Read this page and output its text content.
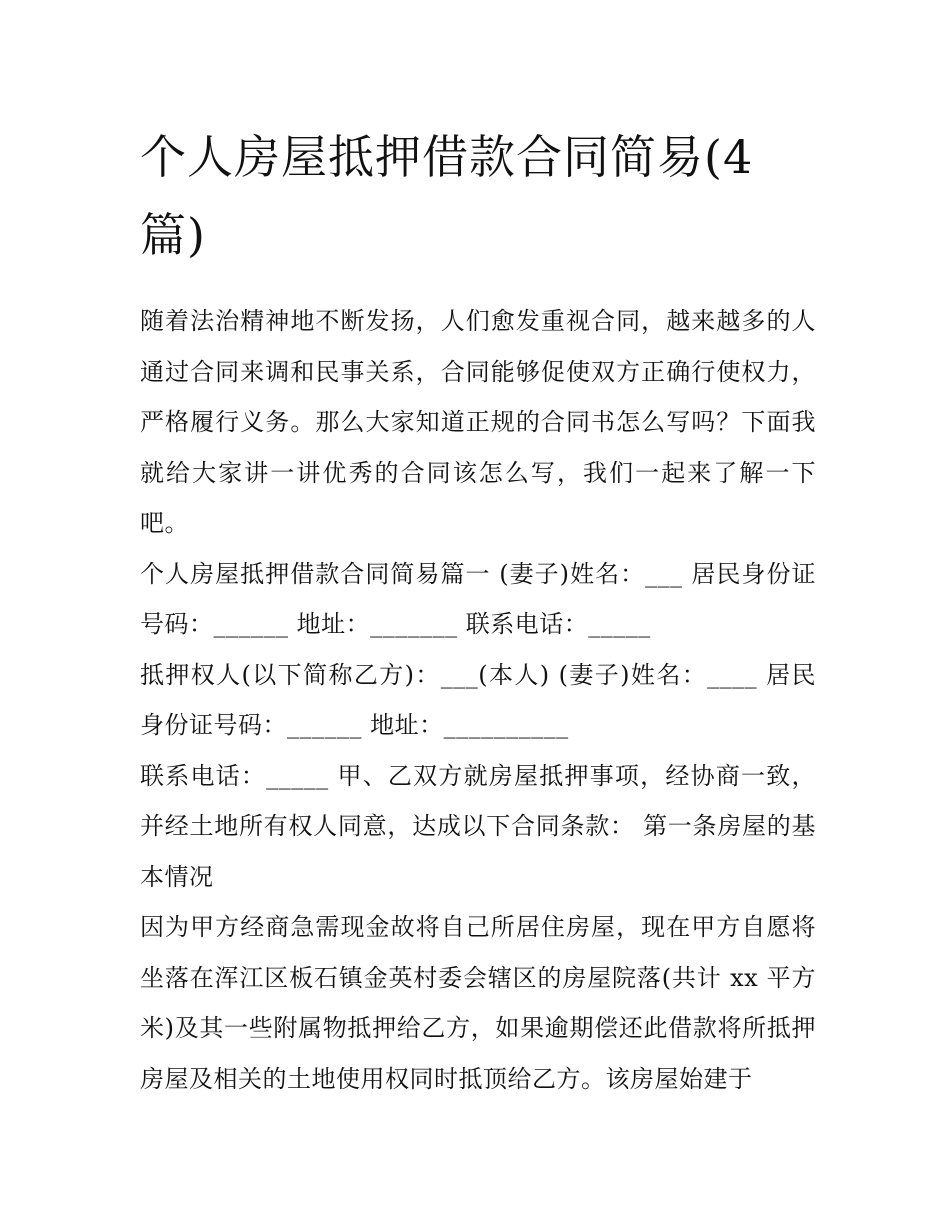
个人房屋抵押借款合同简易(4篇)

随着法治精神地不断发扬，人们愈发重视合同，越来越多的人通过合同来调和民事关系，合同能够促使双方正确行使权力，严格履行义务。那么大家知道正规的合同书怎么写吗？下面我就给大家讲一讲优秀的合同该怎么写，我们一起来了解一下吧。

个人房屋抵押借款合同简易篇一 (妻子)姓名：___ 居民身份证号码：______ 地址：_______ 联系电话：_____

抵押权人(以下简称乙方)：___(本人) (妻子)姓名：____ 居民身份证号码：______ 地址：__________

联系电话：_____ 甲、乙双方就房屋抵押事项，经协商一致，并经土地所有权人同意，达成以下合同条款： 第一条房屋的基本情况

因为甲方经商急需现金故将自己所居住房屋，现在甲方自愿将坐落在浑江区板石镇金英村委会辖区的房屋院落(共计 xx 平方米)及其一些附属物抵押给乙方，如果逾期偿还此借款将所抵押房屋及相关的土地使用权同时抵顶给乙方。该房屋始建于
